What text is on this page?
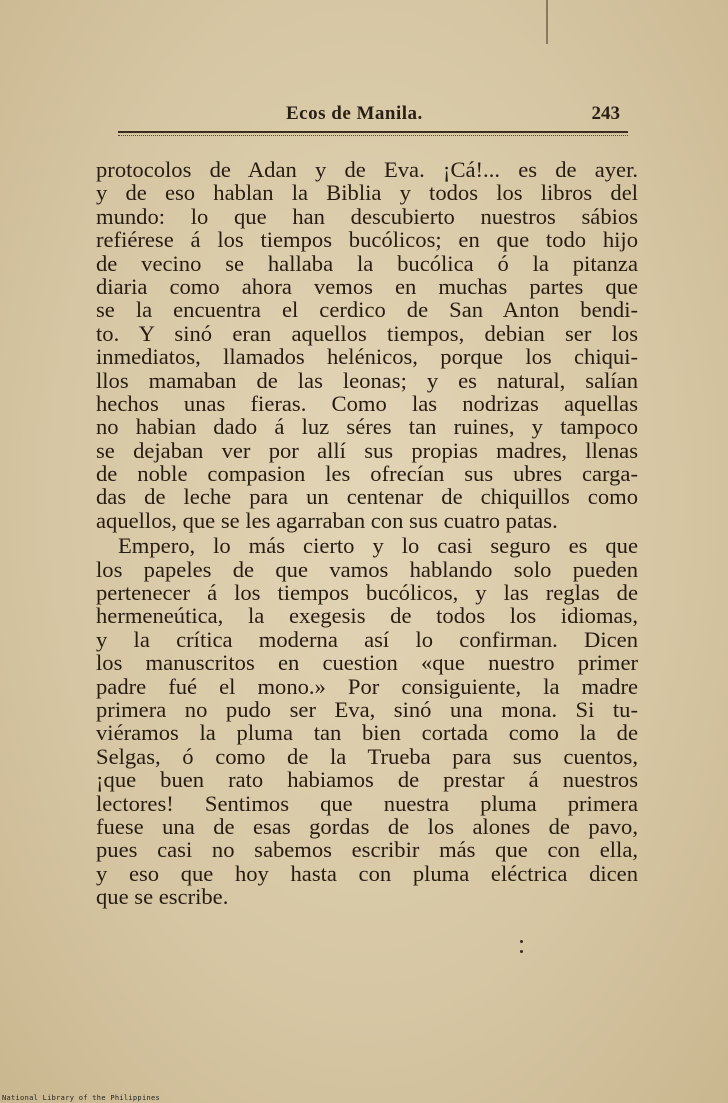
Ecos de Manila.	243
protocolos de Adan y de Eva. ¡Cá!... es de ayer.
y de eso hablan la Biblia y todos los libros del
mundo: lo que han descubierto nuestros sábios
refiérese á los tiempos bucólicos; en que todo hijo
de vecino se hallaba la bucólica ó la pitanza
diaria como ahora vemos en muchas partes que
se la encuentra el cerdico de San Anton bendi-
to. Y sinó eran aquellos tiempos, debian ser los
inmediatos, llamados helénicos, porque los chiqui-
llos mamaban de las leonas; y es natural, salían
hechos unas fieras. Como las nodrizas aquellas
no habian dado á luz séres tan ruines, y tampoco
se dejaban ver por allí sus propias madres, llenas
de noble compasion les ofrecían sus ubres carga-
das de leche para un centenar de chiquillos como
aquellos, que se les agarraban con sus cuatro patas.
Empero, lo más cierto y lo casi seguro es que
los papeles de que vamos hablando solo pueden
pertenecer á los tiempos bucólicos, y las reglas de
hermeneútica, la exegesis de todos los idiomas,
y la crítica moderna así lo confirman. Dicen
los manuscritos en cuestion «que nuestro primer
padre fué el mono.» Por consiguiente, la madre
primera no pudo ser Eva, sinó una mona. Si tu-
viéramos la pluma tan bien cortada como la de
Selgas, ó como de la Trueba para sus cuentos,
¡que buen rato habiamos de prestar á nuestros
lectores! Sentimos que nuestra pluma primera
fuese una de esas gordas de los alones de pavo,
pues casi no sabemos escribir más que con ella,
y eso que hoy hasta con pluma eléctrica dicen
que se escribe.
National Library of the Philippines
